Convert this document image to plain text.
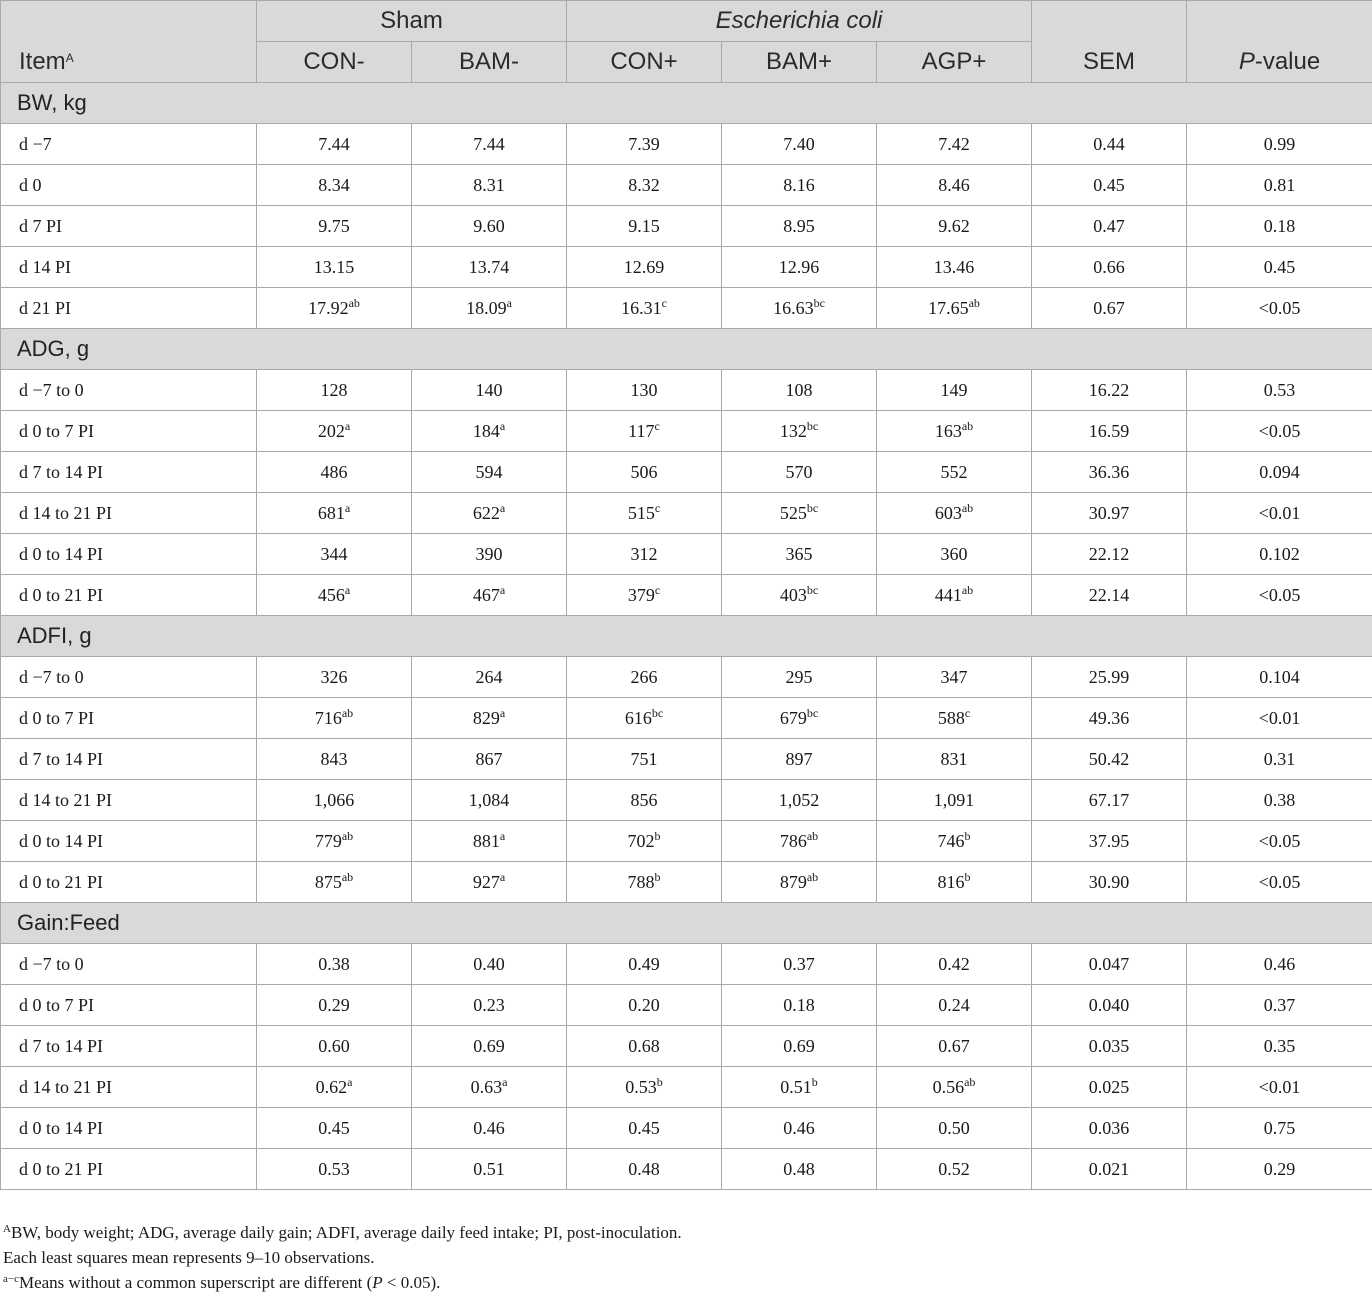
Item$^A$	Sham		Escherichia coli			SEM	P-value
	CON-	BAM-	CON+	BAM+	AGP+		
BW, kg							
d −7	7.44	7.44	7.39	7.40	7.42	0.44	0.99
d 0	8.34	8.31	8.32	8.16	8.46	0.45	0.81
d 7 PI	9.75	9.60	9.15	8.95	9.62	0.47	0.18
d 14 PI	13.15	13.74	12.69	12.96	13.46	0.66	0.45
d 21 PI	17.92$^{ab}$	18.09$^a$	16.31$^c$	16.63$^{bc}$	17.65$^{ab}$	0.67	<0.05
ADG, g							
d −7 to 0	128	140	130	108	149	16.22	0.53
d 0 to 7 PI	202$^a$	184$^a$	117$^c$	$132^{bc}$	$163^{ab}$	16.59	<0.05
d 7 to 14 PI	486	594	506	570	552	36.36	0.094
d 14 to 21 PI	681$^a$	622$^a$	515$^c$	$525^{bc}$	$603^{ab}$	30.97	<0.01
d 0 to 14 PI	344	390	312	365	360	22.12	0.102
d 0 to 21 PI	456$^a$	467$^a$	379$^c$	$403^{bc}$	$441^{ab}$	22.14	<0.05
ADFI, g							
d −7 to 0	326	264	266	295	347	25.99	0.104
d 0 to 7 PI	$716^{ab}$	829$^a$	$616^{bc}$	$679^{bc}$	588$^c$	49.36	<0.01
d 7 to 14 PI	843	867	751	897	831	50.42	0.31
d 14 to 21 PI	1,066	1,084	856	1,052	1,091	67.17	0.38
d 0 to 14 PI	$779^{ab}$	881$^a$	702$^b$	$786^{ab}$	746$^b$	37.95	<0.05
d 0 to 21 PI	$875^{ab}$	927$^a$	788$^b$	$879^{ab}$	816$^b$	30.90	<0.05
Gain:Feed							
d −7 to 0	0.38	0.40	0.49	0.37	0.42	0.047	0.46
d 0 to 7 PI	0.29	0.23	0.20	0.18	0.24	0.040	0.37
d 7 to 14 PI	0.60	0.69	0.68	0.69	0.67	0.035	0.35
d 14 to 21 PI	0.62$^a$	0.63$^a$	0.53$^b$	0.51$^b$	0.56$^{ab}$	0.025	<0.01
d 0 to 14 PI	0.45	0.46	0.45	0.46	0.50	0.036	0.75
d 0 to 21 PI	0.53	0.51	0.48	0.48	0.52	0.021	0.29
$^A$BW, body weight; ADG, average daily gain; ADFI, average daily feed intake; PI, post-inoculation.
Each least squares mean represents 9–10 observations.
$^{a-c}$Means without a common superscript are different (P < 0.05).
